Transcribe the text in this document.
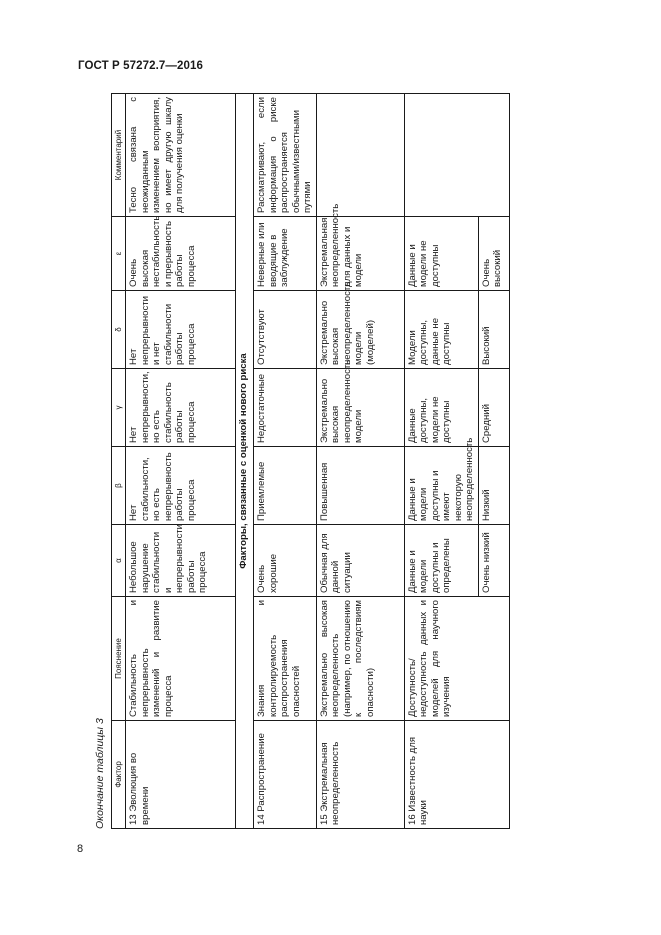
ГОСТ Р 57272.7—2016

Окончание таблицы 3 Фактор	Пояснение	α	β	γ	δ	ε	Комментарий
13 Эволюция во времени	Стабильность и непрерывность изменений и развитие процесса	Небольшое нарушение стабильности и непрерывности работы процесса	Нет стабильности, но есть непрерывность работы процесса	Нет непрерывности, но есть стабильность работы процесса	Нет непрерывности и нет стабильности работы процесса	Очень высокая нестабильность и прерывность работы процесса	Тесно связана с неожиданным изменением восприятия, но имеет другую шкалу для получения оценки
Факторы, связанные с оценкой нового риска							
14 Распространение	Знания и контролируемость распространения опасностей	Очень хорошие	Приемлемые	Недостаточные	Отсутствуют	Неверные или вводящие в заблуждение	Рассматривают, если информация о риске распространяется обычными/известными путями
15 Экстремальная неопределенность	Экстремально высокая неопределенность (например, по отношению к последствиям опасности)	Обычная для данной ситуации	Повышенная	Экстремально высокая неопределенность модели	Экстремально высокая неопределенность модели (моделей)	Экстремальная неопределенность для данных и модели	
16 Известность для науки	Доступность/недоступность данных и моделей для научного изучения	Данные и модели доступны и определены	Данные и модели доступны и имеют некоторую неопределенность	Данные доступны, модели не доступны	Модели доступны, данные не доступны	Данные и модели не доступны	
		Очень низкий	Низкий	Средний	Высокий	Очень высокий	
8
